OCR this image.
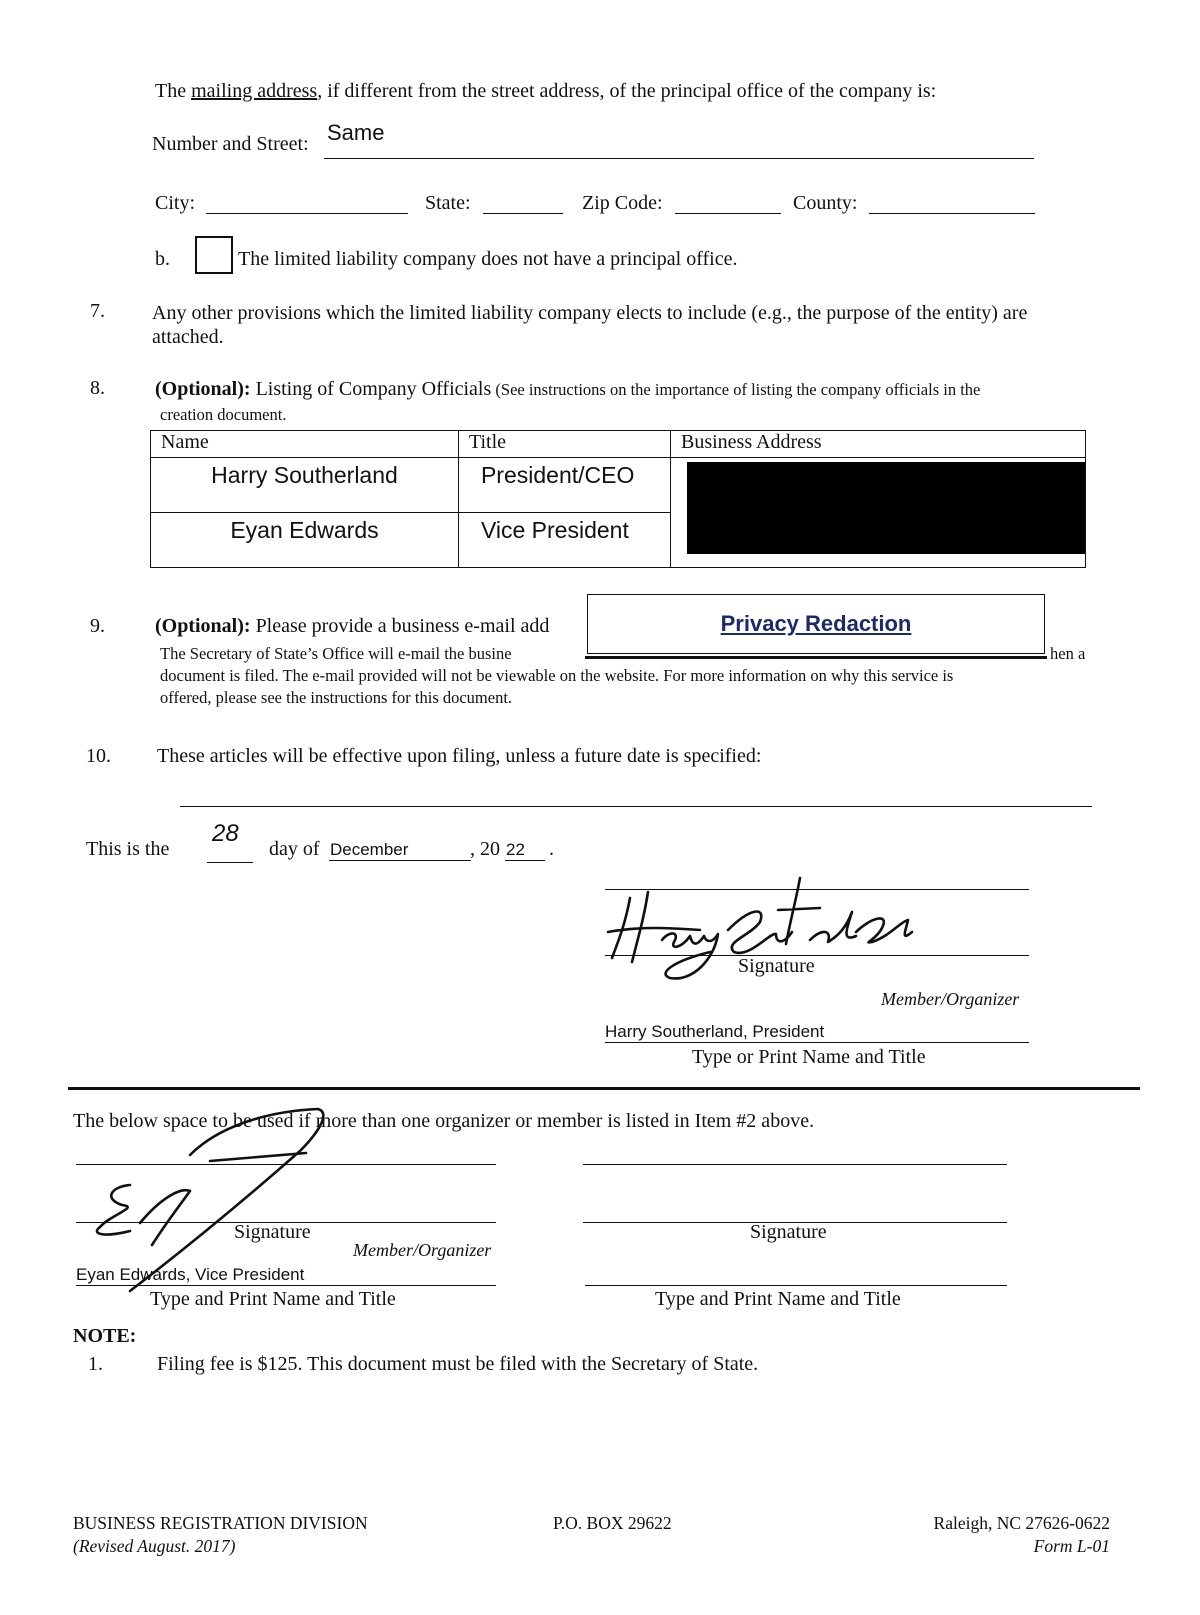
The mailing address, if different from the street address, of the principal office of the company is:
Number and Street: Same
City:	State:	Zip Code:	County:
b.	The limited liability company does not have a principal office.
7. Any other provisions which the limited liability company elects to include (e.g., the purpose of the entity) are
attached.
8.	(Optional): Listing of Company Officials (See instructions on the importance of listing the company officials in the
creation document.
Name	Title	Business Address
Harry Southerland	President/CEO	

Eyan Edwards	Vice President	
9.	(Optional): Please provide a business e-mail add
The Secretary of State’s Office will e-mail the busine	hen a
document is filed. The e-mail provided will not be viewable on the website. For more information on why this service is
offered, please see the instructions for this document.
Privacy Redaction
10. These articles will be effective upon filing, unless a future date is specified:
This is the
28
day of December	, 20 22 .
Signature
Member/Organizer
Harry Southerland, President
Type or Print Name and Title
The below space to be used if more than one organizer or member is listed in Item #2 above.
Signature
Member/Organizer
Signature
Eyan Edwards, Vice President
Type and Print Name and Title	Type and Print Name and Title
NOTE:
1.	Filing fee is $125. This document must be filed with the Secretary of State.
BUSINESS REGISTRATION DIVISION
(Revised August. 2017)
P.O. BOX 29622	Raleigh, NC 27626-0622
Form L-01
